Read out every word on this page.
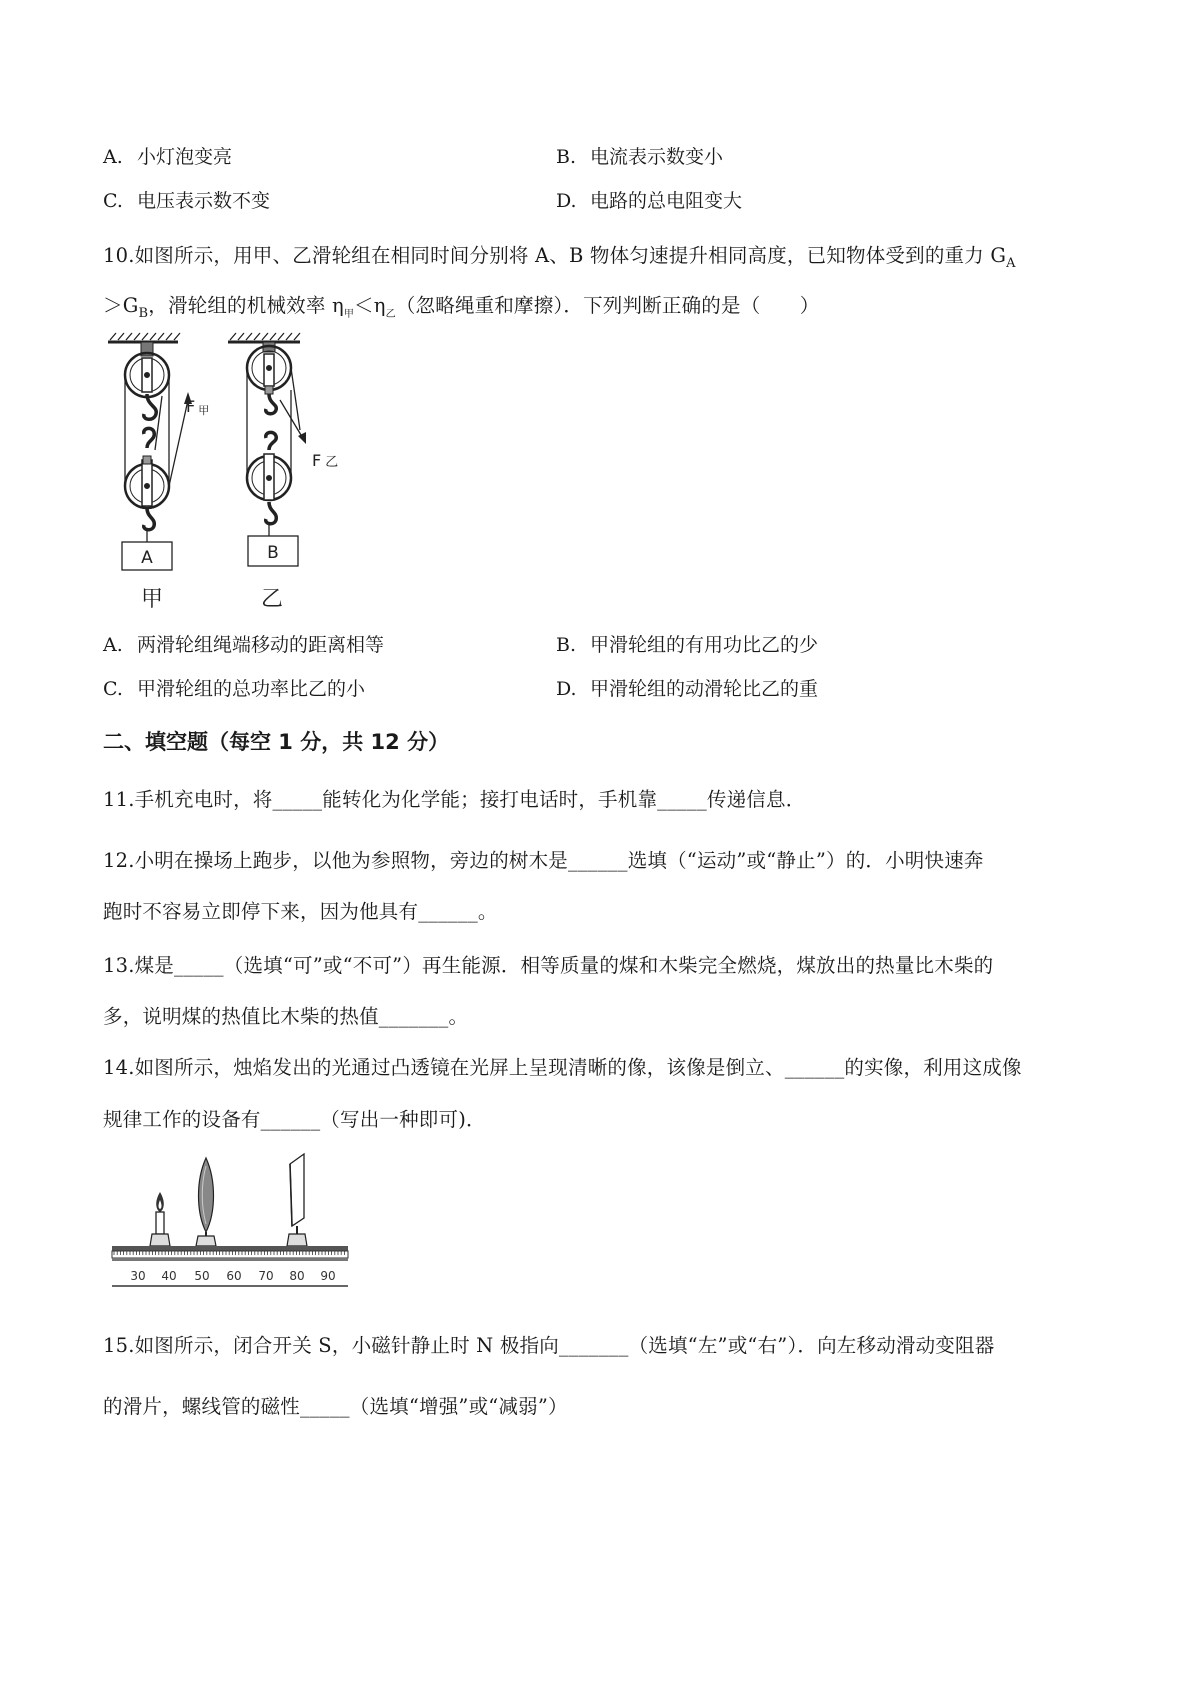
A. 小灯泡变亮	B. 电流表示数变小
C. 电压表示数不变	D. 电路的总电阻变大
10.如图所示，用甲、乙滑轮组在相同时间分别将 A、B 物体匀速提升相同高度，已知物体受到的重力 $G_A$
$>G_B$，滑轮组的机械效率 $\eta_甲<\eta_乙$（忽略绳重和摩擦）．下列判断正确的是（　　）
A
F 甲
B
F 乙
甲	乙
A. 两滑轮组绳端移动的距离相等	B. 甲滑轮组的有用功比乙的少
C. 甲滑轮组的总功率比乙的小	D. 甲滑轮组的动滑轮比乙的重
二、填空题（每空 1 分，共 12 分）
11.手机充电时，将_____能转化为化学能；接打电话时，手机靠_____传递信息．
12.小明在操场上跑步，以他为参照物，旁边的树木是______选填（“运动”或“静止”）的．小明快速奔
跑时不容易立即停下来，因为他具有______。
13.煤是_____（选填“可”或“不可”）再生能源．相等质量的煤和木柴完全燃烧，煤放出的热量比木柴的
多，说明煤的热值比木柴的热值_______。
14.如图所示，烛焰发出的光通过凸透镜在光屏上呈现清晰的像，该像是倒立、______的实像，利用这成像
规律工作的设备有______（写出一种即可)．
30 40 50 60 70 80 90
15.如图所示，闭合开关 S，小磁针静止时 N 极指向_______（选填“左”或“右”）．向左移动滑动变阻器
的滑片，螺线管的磁性_____（选填“增强”或“减弱”）
